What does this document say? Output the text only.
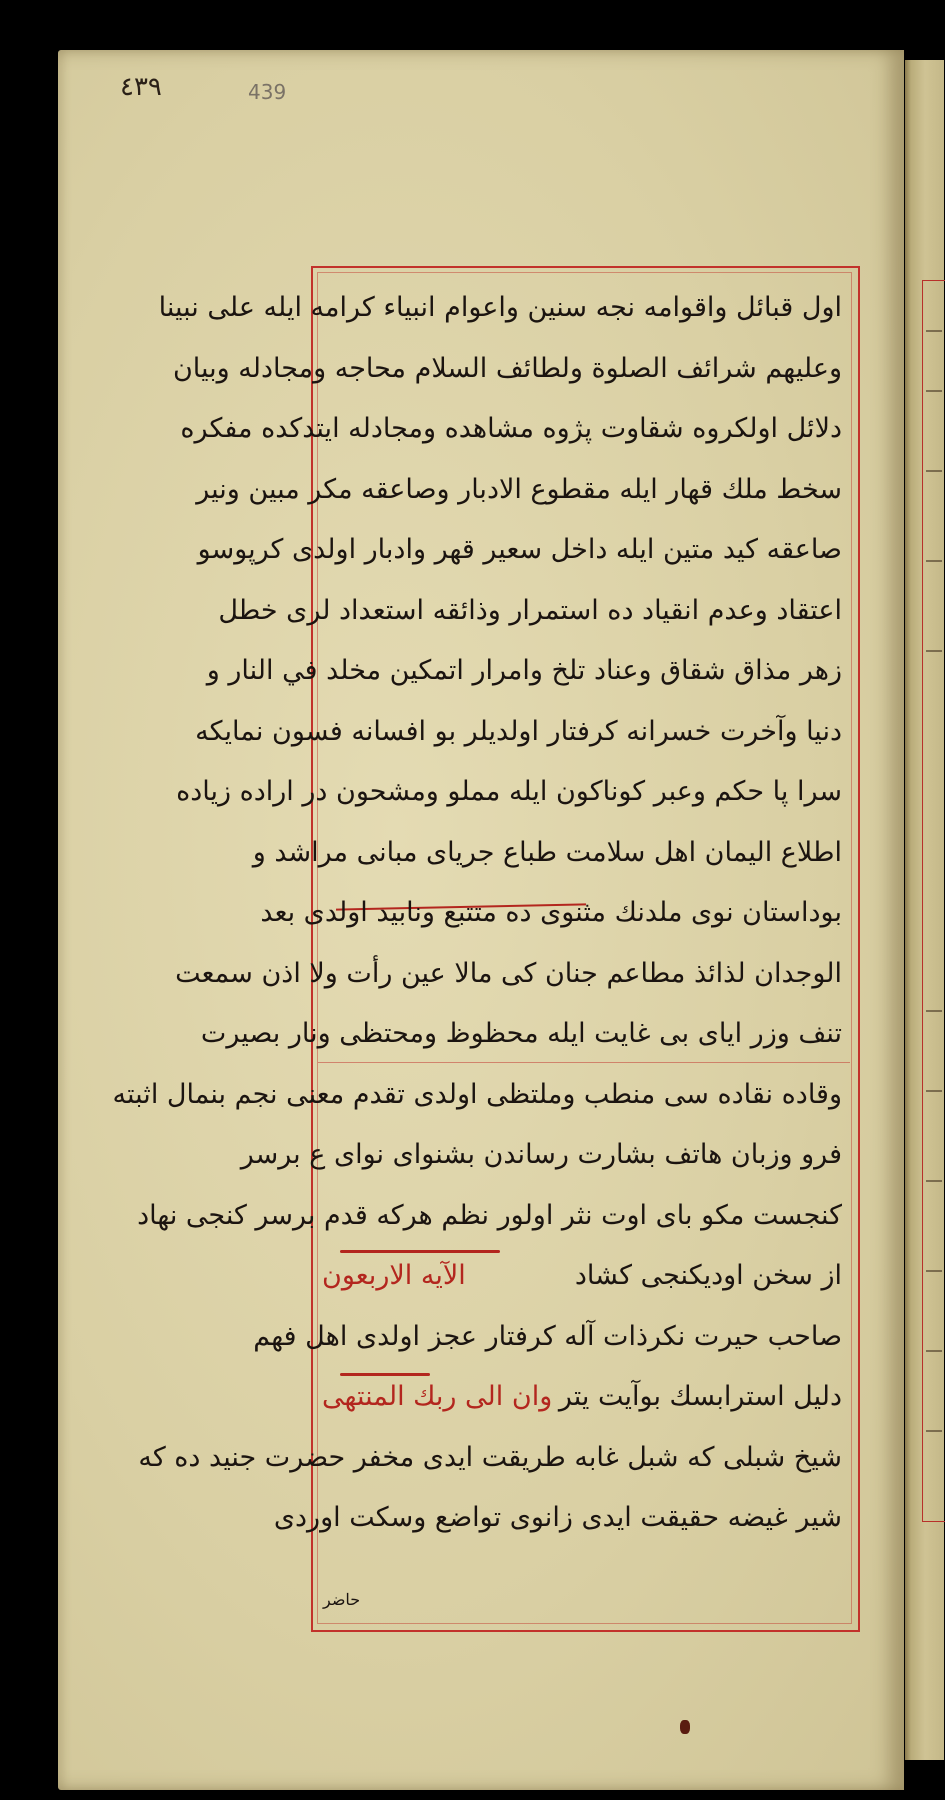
٤٣٩	439
اول قبائل واقوامه نجه سنين واعوام انبياء كرامه ايله على نبينا
وعليهم شرائف الصلوة ولطائف السلام محاجه ومجادله وبيان
دلائل اولكروه شقاوت پژوه مشاهده ومجادله ايتدكده مفكره
سخط ملك قهار ايله مقطوع الادبار وصاعقه مكر مبين ونير
صاعقه كيد متين ايله داخل سعير قهر وادبار اولدى كرپوسو
اعتقاد وعدم انقياد ده استمرار وذائقه استعداد لرى خطل
زهر مذاق شقاق وعناد تلخ وامرار اتمكين مخلد في النار و
دنيا وآخرت خسرانه كرفتار اولديلر بو افسانه فسون نمايكه
سرا پا حكم وعبر كوناكون ايله مملو ومشحون در اراده زياده
اطلاع اليمان اهل سلامت طباع جرياى مبانى مراشد و
بوداستان نوى ملدنك مثنوى ده متتبع ونابيد اولدى بعد
الوجدان لذائذ مطاعم جنان كى مالا عين رأت ولا اذن سمعت
تنف وزر اياى بى غايت ايله محظوظ ومحتظى ونار بصيرت
وقاده نقاده سى منطب وملتظى اولدى تقدم معنى نجم بنمال اثبته
فرو وزبان هاتف بشارت رساندن بشنواى نواى ع برسر
كنجست مكو باى اوت نثر اولور نظم هركه قدم برسر كنجى نهاد
از سخن اوديكنجى كشاد
الآيه الاربعون
صاحب حيرت نكرذات آله كرفتار عجز اولدى اهل فهم
دليل استرابسك بوآيت يتر
وان الى ربك المنتهى
شيخ شبلى كه شبل غابه طريقت ايدى مخفر حضرت جنيد ده كه
شير غيضه حقيقت ايدى زانوى تواضع وسكت اوردى
حاضر
